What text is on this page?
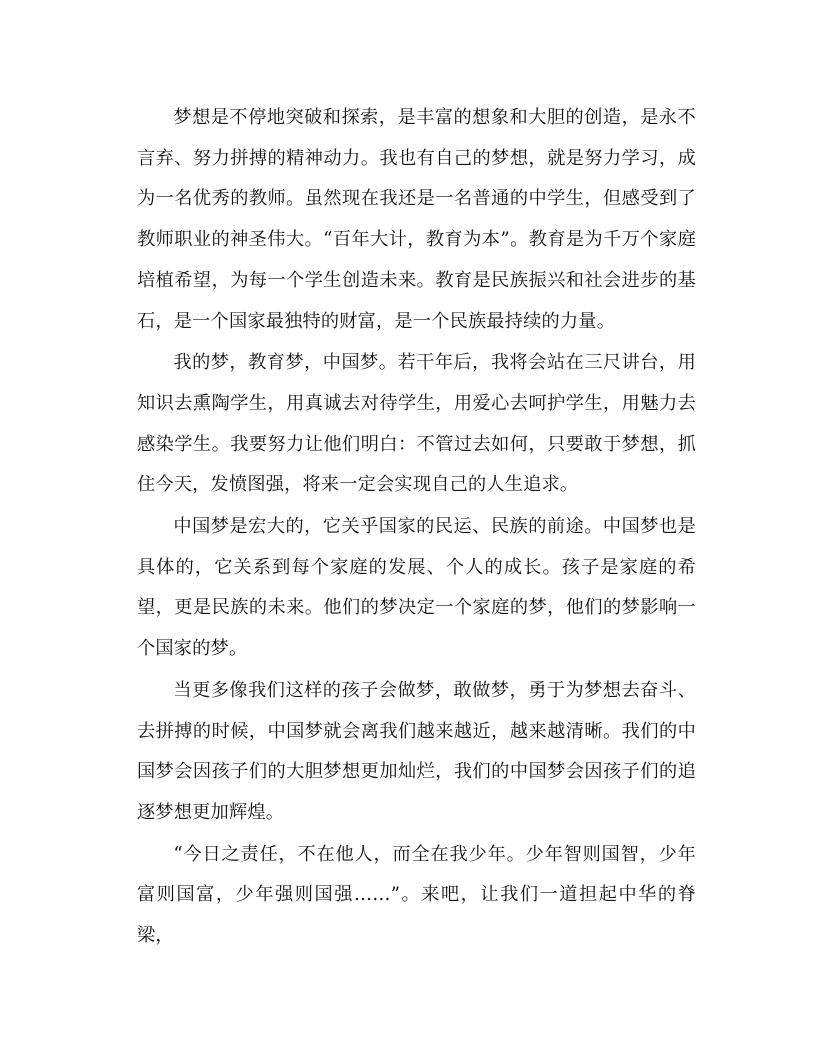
梦想是不停地突破和探索，是丰富的想象和大胆的创造，是永不言弃、努力拼搏的精神动力。我也有自己的梦想，就是努力学习，成为一名优秀的教师。虽然现在我还是一名普通的中学生，但感受到了教师职业的神圣伟大。“百年大计，教育为本”。教育是为千万个家庭培植希望，为每一个学生创造未来。教育是民族振兴和社会进步的基石，是一个国家最独特的财富，是一个民族最持续的力量。

我的梦，教育梦，中国梦。若干年后，我将会站在三尺讲台，用知识去熏陶学生，用真诚去对待学生，用爱心去呵护学生，用魅力去感染学生。我要努力让他们明白：不管过去如何，只要敢于梦想，抓住今天，发愤图强，将来一定会实现自己的人生追求。

中国梦是宏大的，它关乎国家的民运、民族的前途。中国梦也是具体的，它关系到每个家庭的发展、个人的成长。孩子是家庭的希望，更是民族的未来。他们的梦决定一个家庭的梦，他们的梦影响一个国家的梦。

当更多像我们这样的孩子会做梦，敢做梦，勇于为梦想去奋斗、去拼搏的时候，中国梦就会离我们越来越近，越来越清晰。我们的中国梦会因孩子们的大胆梦想更加灿烂，我们的中国梦会因孩子们的追逐梦想更加辉煌。

“今日之责任，不在他人，而全在我少年。少年智则国智，少年富则国富，少年强则国强……”。来吧，让我们一道担起中华的脊梁，
